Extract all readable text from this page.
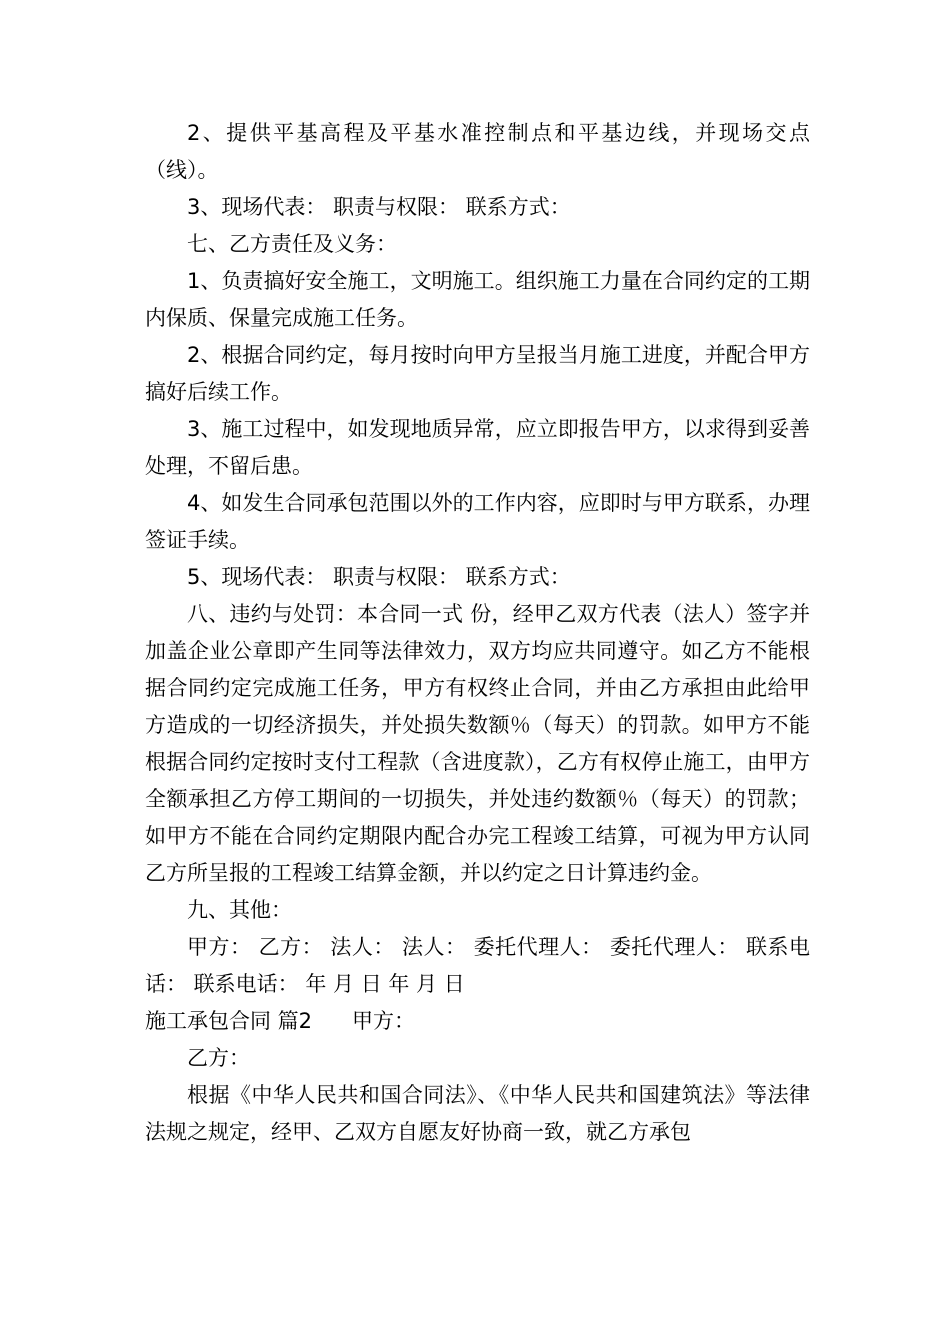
2、提供平基高程及平基水准控制点和平基边线，并现场交点（线）。

3、现场代表： 职责与权限： 联系方式：

七、乙方责任及义务：

1、负责搞好安全施工，文明施工。组织施工力量在合同约定的工期内保质、保量完成施工任务。

2、根据合同约定，每月按时向甲方呈报当月施工进度，并配合甲方搞好后续工作。

3、施工过程中，如发现地质异常，应立即报告甲方，以求得到妥善处理，不留后患。

4、如发生合同承包范围以外的工作内容，应即时与甲方联系，办理签证手续。

5、现场代表： 职责与权限： 联系方式：

八、违约与处罚：本合同一式 份，经甲乙双方代表（法人）签字并加盖企业公章即产生同等法律效力，双方均应共同遵守。如乙方不能根据合同约定完成施工任务，甲方有权终止合同，并由乙方承担由此给甲方造成的一切经济损失，并处损失数额％（每天）的罚款。如甲方不能根据合同约定按时支付工程款（含进度款），乙方有权停止施工，由甲方全额承担乙方停工期间的一切损失，并处违约数额％（每天）的罚款；如甲方不能在合同约定期限内配合办完工程竣工结算，可视为甲方认同乙方所呈报的工程竣工结算金额，并以约定之日计算违约金。

九、其他：

甲方： 乙方： 法人： 法人： 委托代理人： 委托代理人： 联系电话： 联系电话： 年 月 日 年 月 日

施工承包合同 篇2 甲方：

乙方：

根据《中华人民共和国合同法》、《中华人民共和国建筑法》等法律法规之规定，经甲、乙双方自愿友好协商一致，就乙方承包
